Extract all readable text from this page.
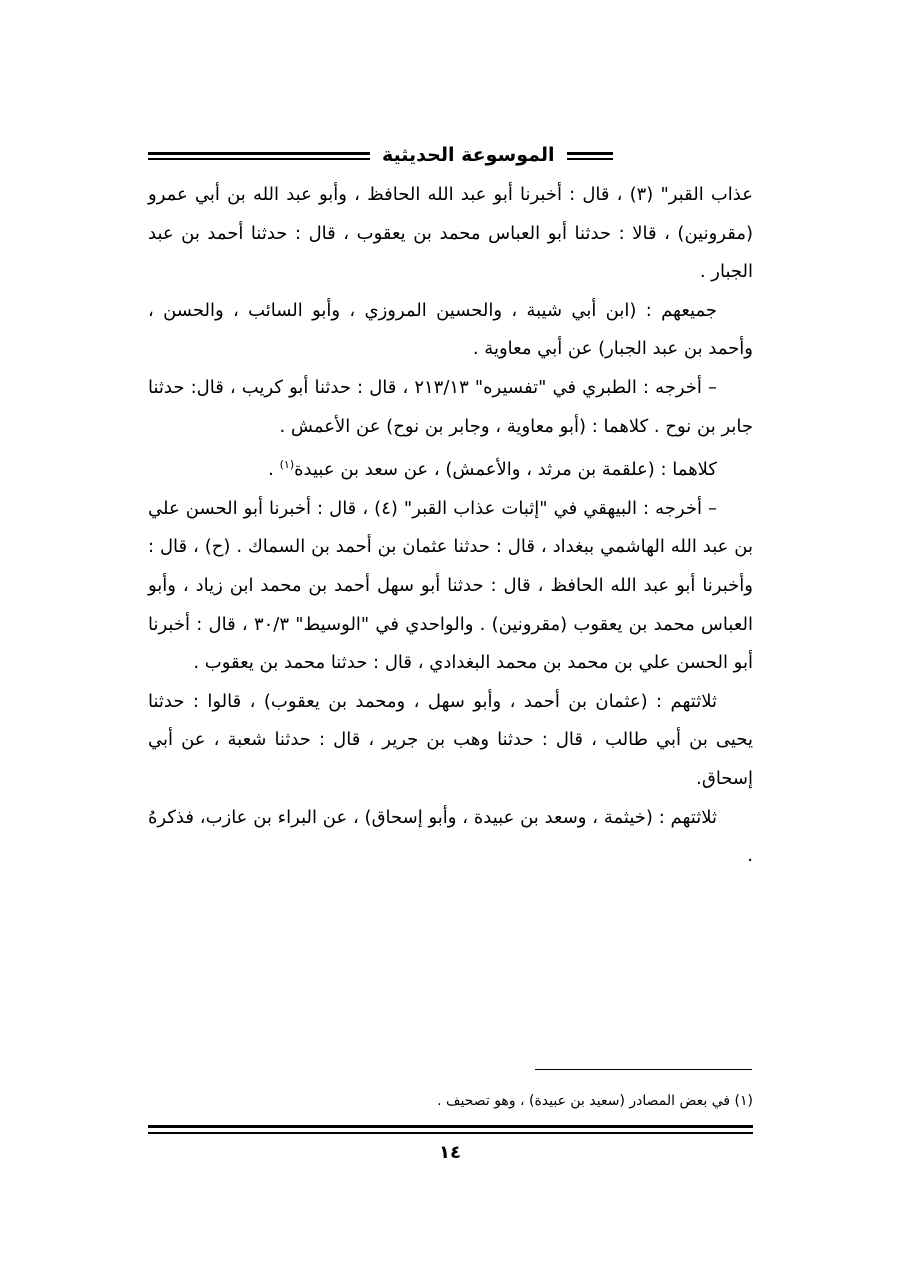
الموسوعة الحديثية

عذاب القبر" (٣) ، قال : أخبرنا أبو عبد الله الحافظ ، وأبو عبد الله بن أبي عمرو (مقرونين) ، قالا : حدثنا أبو العباس محمد بن يعقوب ، قال : حدثنا أحمد بن عبد الجبار .

جميعهم : (ابن أبي شيبة ، والحسين المروزي ، وأبو السائب ، والحسن ، وأحمد بن عبد الجبار) عن أبي معاوية .

– أخرجه : الطبري في "تفسيره" ٢١٣/١٣ ، قال : حدثنا أبو كريب ، قال: حدثنا جابر بن نوح . كلاهما : (أبو معاوية ، وجابر بن نوح) عن الأعمش .

كلاهما : (علقمة بن مرثد ، والأعمش) ، عن سعد بن عبيدة$^{(١)}$ .

– أخرجه : البيهقي في "إثبات عذاب القبر" (٤) ، قال : أخبرنا أبو الحسن علي بن عبد الله الهاشمي ببغداد ، قال : حدثنا عثمان بن أحمد بن السماك . (ح) ، قال : وأخبرنا أبو عبد الله الحافظ ، قال : حدثنا أبو سهل أحمد بن محمد ابن زياد ، وأبو العباس محمد بن يعقوب (مقرونين) . والواحدي في "الوسيط" ٣٠/٣ ، قال : أخبرنا أبو الحسن علي بن محمد بن محمد البغدادي ، قال : حدثنا محمد بن يعقوب .

ثلاثتهم : (عثمان بن أحمد ، وأبو سهل ، ومحمد بن يعقوب) ، قالوا : حدثنا يحيى بن أبي طالب ، قال : حدثنا وهب بن جرير ، قال : حدثنا شعبة ، عن أبي إسحاق.

ثلاثتهم : (خيثمة ، وسعد بن عبيدة ، وأبو إسحاق) ، عن البراء بن عازب، فذكرهُ .

(١) في بعض المصادر (سعيد بن عبيدة) ، وهو تصحيف .
١٤
